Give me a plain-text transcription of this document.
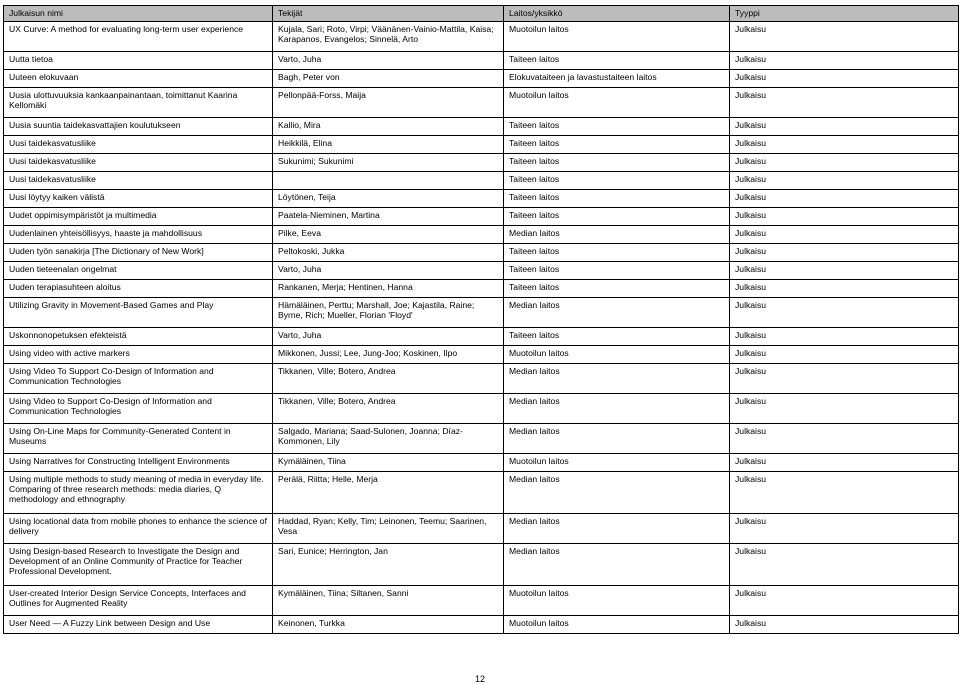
Julkaisun nimi	Tekijät	Laitos/yksikkö	Tyyppi
UX Curve: A method for evaluating long-term user experience	Kujala, Sari; Roto, Virpi; Väänänen-Vainio-Mattila, Kaisa; Karapanos, Evangelos; Sinnelä, Arto	Muotoilun laitos	Julkaisu
Uutta tietoa	Varto, Juha	Taiteen laitos	Julkaisu
Uuteen elokuvaan	Bagh, Peter von	Elokuvataiteen ja lavastustaiteen laitos	Julkaisu
Uusia ulottuvuuksia kankaanpainantaan, toimittanut Kaarina Kellomäki	Pellonpää-Forss, Maija	Muotoilun laitos	Julkaisu
Uusia suuntia taidekasvattajien koulutukseen	Kallio, Mira	Taiteen laitos	Julkaisu
Uusi taidekasvatusliike	Heikkilä, Elina	Taiteen laitos	Julkaisu
Uusi taidekasvatusliike	Sukunimi; Sukunimi	Taiteen laitos	Julkaisu
Uusi taidekasvatusliike		Taiteen laitos	Julkaisu
Uusi löytyy kaiken välistä	Löytönen, Teija	Taiteen laitos	Julkaisu
Uudet oppimisympäristöt ja multimedia	Paatela-Nieminen, Martina	Taiteen laitos	Julkaisu
Uudenlainen yhteisöllisyys, haaste ja mahdollisuus	Pilke, Eeva	Median laitos	Julkaisu
Uuden työn sanakirja [The Dictionary of New Work]	Peltokoski, Jukka	Taiteen laitos	Julkaisu
Uuden tieteenalan ongelmat	Varto, Juha	Taiteen laitos	Julkaisu
Uuden terapiasuhteen aloitus	Rankanen, Merja; Hentinen, Hanna	Taiteen laitos	Julkaisu
Utilizing Gravity in Movement-Based Games and Play	Hämäläinen, Perttu; Marshall, Joe; Kajastila, Raine; Byrne, Rich; Mueller, Florian 'Floyd'	Median laitos	Julkaisu
Uskonnonopetuksen efekteistä	Varto, Juha	Taiteen laitos	Julkaisu
Using video with active markers	Mikkonen, Jussi; Lee, Jung-Joo; Koskinen, Ilpo	Muotoilun laitos	Julkaisu
Using Video To Support Co-Design of Information and Communication Technologies	Tikkanen, Ville; Botero, Andrea	Median laitos	Julkaisu
Using Video to Support Co-Design of Information and Communication Technologies	Tikkanen, Ville; Botero, Andrea	Median laitos	Julkaisu
Using On-Line Maps for Community-Generated Content in Museums	Salgado, Mariana; Saad-Sulonen, Joanna; Díaz-Kommonen, Lily	Median laitos	Julkaisu
Using Narratives for Constructing Intelligent Environments	Kymäläinen, Tiina	Muotoilun laitos	Julkaisu
Using multiple methods to study meaning of media in everyday life. Comparing of three research methods: media diaries, Q methodology and ethnography	Perälä, Riitta; Helle, Merja	Median laitos	Julkaisu
Using locational data from mobile phones to enhance the science of delivery	Haddad, Ryan; Kelly, Tim; Leinonen, Teemu; Saarinen, Vesa	Median laitos	Julkaisu
Using Design-based Research to Investigate the Design and Development of an Online Community of Practice for Teacher Professional Development.	Sari, Eunice; Herrington, Jan	Median laitos	Julkaisu
User-created Interior Design Service Concepts, Interfaces and Outlines for Augmented Reality	Kymäläinen, Tiina; Siltanen, Sanni	Muotoilun laitos	Julkaisu
User Need — A Fuzzy Link between Design and Use	Keinonen, Turkka	Muotoilun laitos	Julkaisu
12
